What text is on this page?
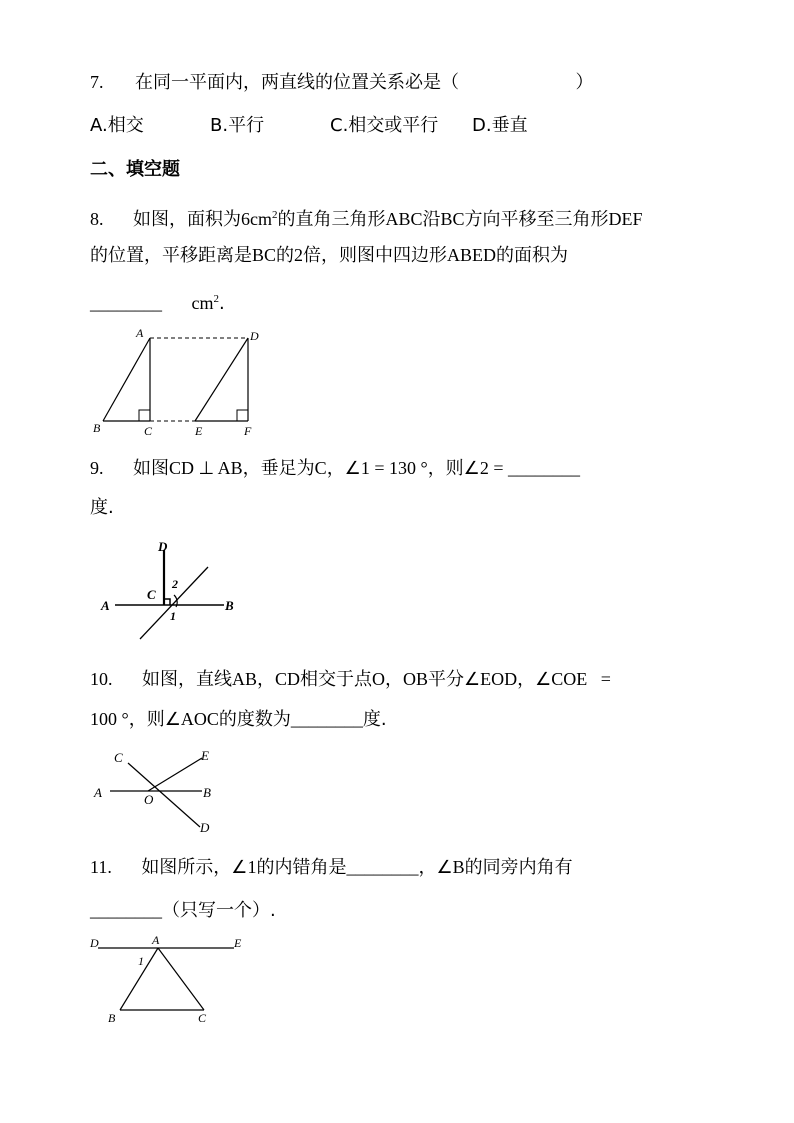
7. 在同一平面内，两直线的位置关系必是（	）
A.相交	B.平行	C.相交或平行 D.垂直
二、填空题
8. 如图，面积为$6cm^2$的直角三角形ABC沿BC方向平移至三角形DEF
的位置，平移距离是BC的2倍，则图中四边形ABED的面积为
________ $cm^2$.
A
B	C
D
E	F
9. 如图CD ⊥ AB，垂足为C，∠1 = 130 °，则∠2 = ________
度.
A	B
C
D
1
2
10. 如图，直线AB，CD相交于点O，OB平分∠EOD，∠COE   =
100 °，则∠AOC的度数为________度.
A	B
C
D
E
O
11. 如图所示，∠1的内错角是________，∠B的同旁内角有
________（只写一个）.
D	E
A
B	C
1
